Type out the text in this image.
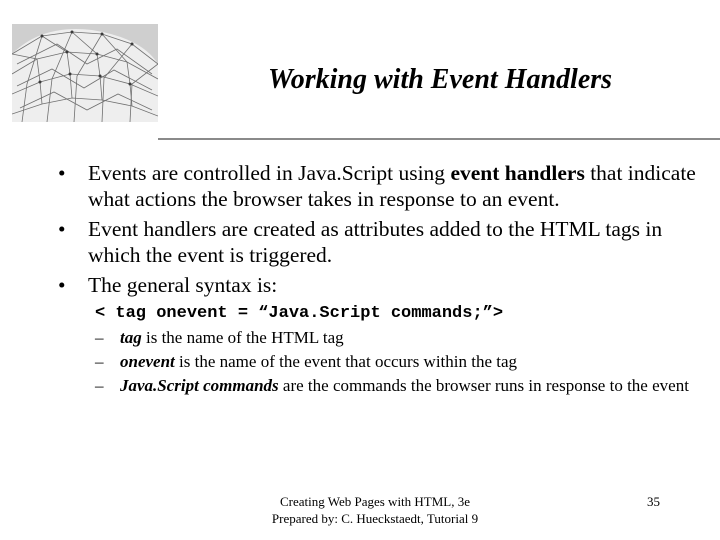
Working with Event Handlers
• Events are controlled in Java.Script using event handlers that indicate what actions the browser takes in response to an event.
• Event handlers are created as attributes added to the HTML tags in which the event is triggered.
• The general syntax is:
< tag onevent = “Java.Script commands;”>
– tag is the name of the HTML tag
– onevent is the name of the event that occurs within the tag
– Java.Script commands are the commands the browser runs in response to the event
Creating Web Pages with HTML, 3e
Prepared by: C. Hueckstaedt, Tutorial 9
35
